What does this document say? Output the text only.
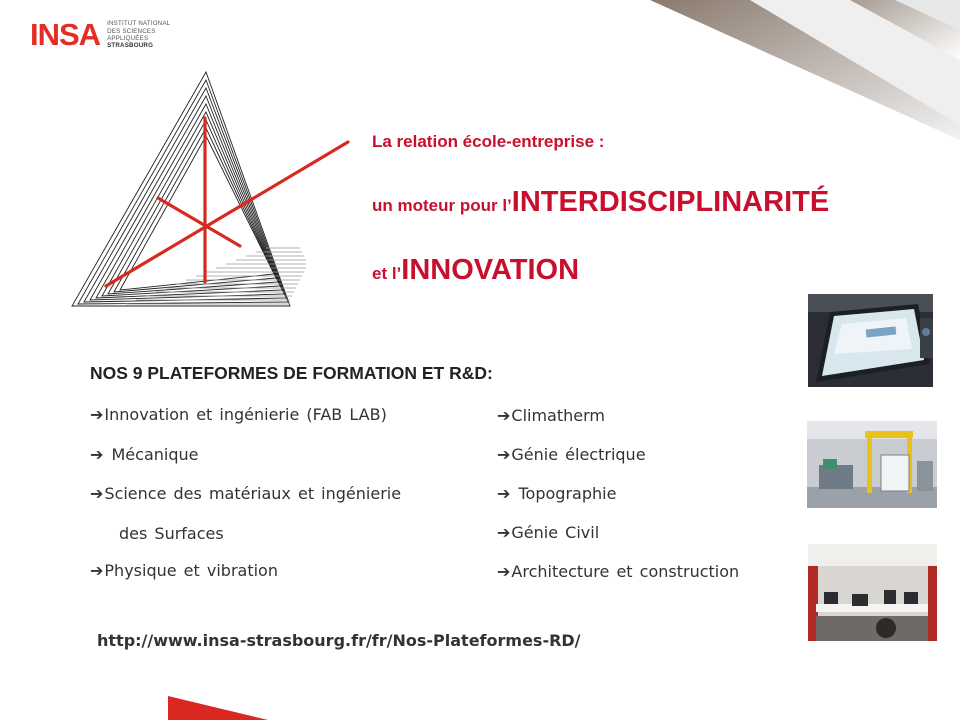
INSA INSTITUT NATIONAL
DES SCIENCES
APPLIQUÉES
STRASBOURG
La relation école-entreprise :
un moteur pour l’INTERDISCIPLINARITÉ
et l’INNOVATION
NOS 9 PLATEFORMES DE FORMATION ET R&D:
➔Innovation et ingénierie (FAB LAB)
➔ Mécanique
➔Science des matériaux et ingénierie
des Surfaces
➔Physique et vibration
➔Climatherm
➔Génie électrique
➔ Topographie
➔Génie Civil
➔Architecture et construction
http://www.insa-strasbourg.fr/fr/Nos-Plateformes-RD/
